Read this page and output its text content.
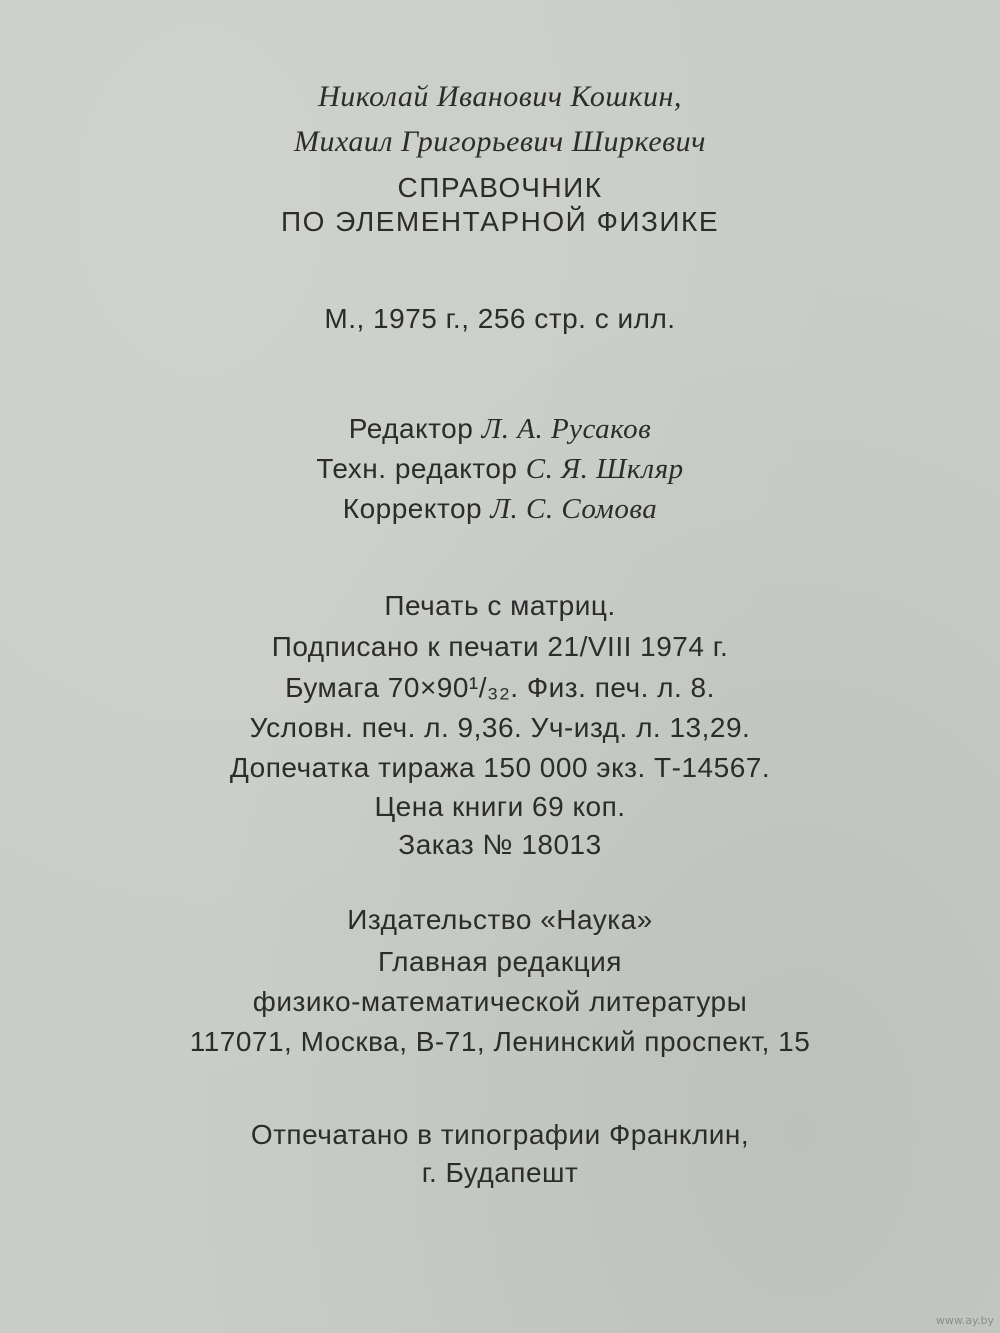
Николай Иванович Кошкин,
Михаил Григорьевич Ширкевич
СПРАВОЧНИК
ПО ЭЛЕМЕНТАРНОЙ ФИЗИКЕ
М., 1975 г., 256 стр. с илл.
Редактор Л. А. Русаков
Техн. редактор С. Я. Шкляр
Корректор Л. С. Сомова
Печать с матриц.
Подписано к печати 21/VIII 1974 г.
Бумага 70×90¹/₃₂. Физ. печ. л. 8.
Условн. печ. л. 9,36. Уч-изд. л. 13,29.
Допечатка тиража 150 000 экз. Т-14567.
Цена книги 69 коп.
Заказ № 18013
Издательство «Наука»
Главная редакция
физико-математической литературы
117071, Москва, В-71, Ленинский проспект, 15
Отпечатано в типографии Франклин,
г. Будапешт
www.ay.by
